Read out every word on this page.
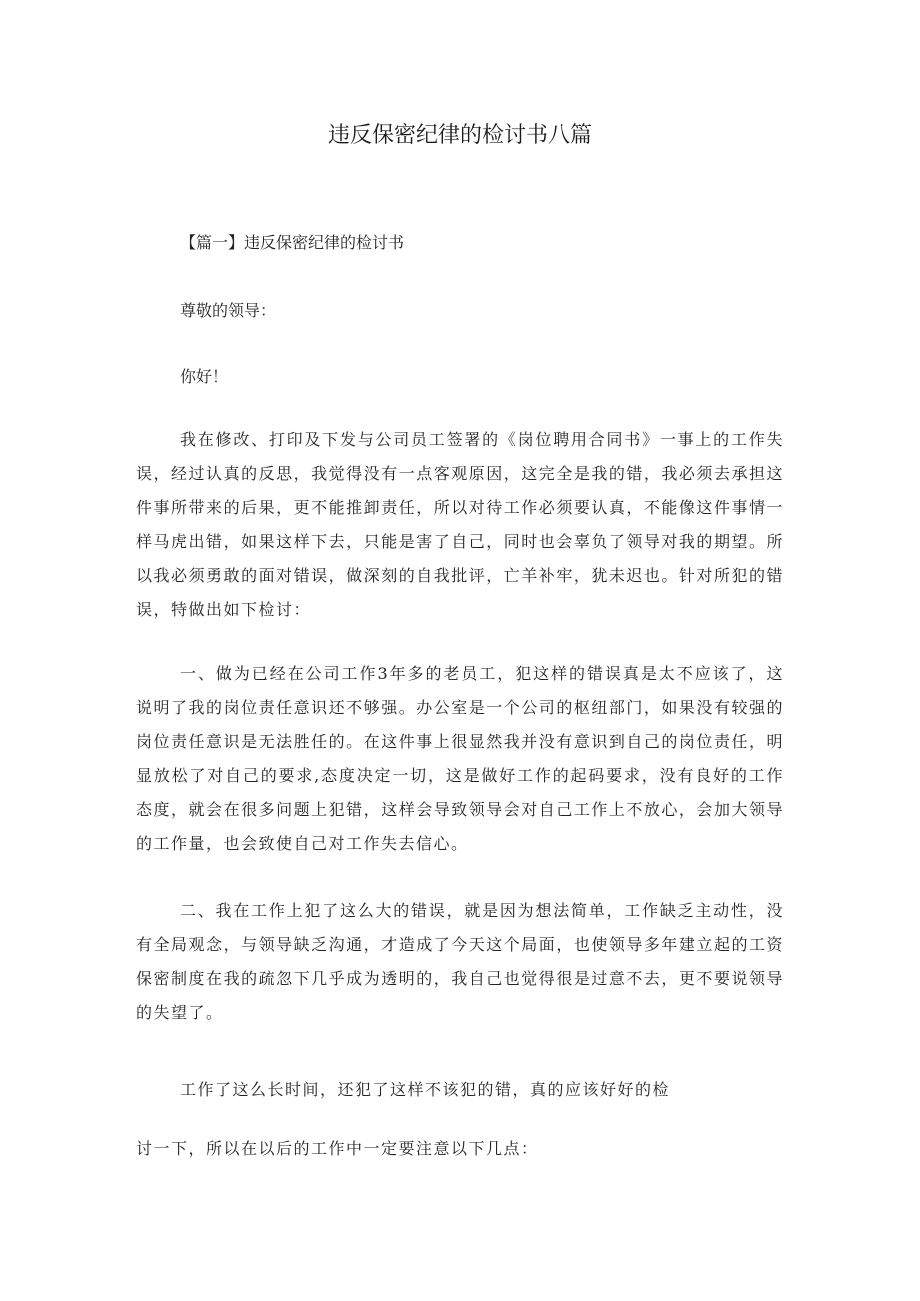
违反保密纪律的检讨书八篇
【篇一】违反保密纪律的检讨书
尊敬的领导：
你好！
我在修改、打印及下发与公司员工签署的《岗位聘用合同书》一事上的工作失误，经过认真的反思，我觉得没有一点客观原因，这完全是我的错，我必须去承担这件事所带来的后果，更不能推卸责任，所以对待工作必须要认真，不能像这件事情一样马虎出错，如果这样下去，只能是害了自己，同时也会辜负了领导对我的期望。所以我必须勇敢的面对错误，做深刻的自我批评，亡羊补牢，犹未迟也。针对所犯的错误，特做出如下检讨：
一、做为已经在公司工作3年多的老员工，犯这样的错误真是太不应该了，这说明了我的岗位责任意识还不够强。办公室是一个公司的枢纽部门，如果没有较强的岗位责任意识是无法胜任的。在这件事上很显然我并没有意识到自己的岗位责任，明显放松了对自己的要求,态度决定一切，这是做好工作的起码要求，没有良好的工作态度，就会在很多问题上犯错，这样会导致领导会对自己工作上不放心，会加大领导的工作量，也会致使自己对工作失去信心。
二、我在工作上犯了这么大的错误，就是因为想法简单，工作缺乏主动性，没有全局观念，与领导缺乏沟通，才造成了今天这个局面，也使领导多年建立起的工资保密制度在我的疏忽下几乎成为透明的，我自己也觉得很是过意不去，更不要说领导的失望了。
工作了这么长时间，还犯了这样不该犯的错，真的应该好好的检
讨一下，所以在以后的工作中一定要注意以下几点：
